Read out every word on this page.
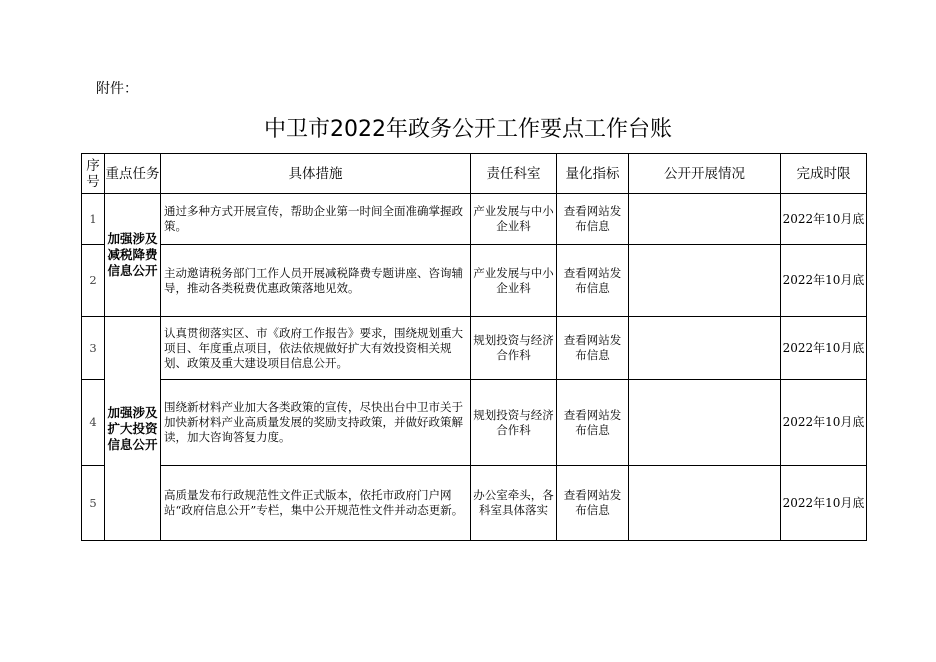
附件：
中卫市2022年政务公开工作要点工作台账
序号	重点任务	具体措施	责任科室	量化指标	公开开展情况	完成时限
1	加强涉及减税降费信息公开	通过多种方式开展宣传，帮助企业第一时间全面准确掌握政策。	产业发展与中小企业科	查看网站发布信息		2022年10月底
2		主动邀请税务部门工作人员开展减税降费专题讲座、咨询辅导，推动各类税费优惠政策落地见效。	产业发展与中小企业科	查看网站发布信息		2022年10月底
3	加强涉及扩大投资信息公开	认真贯彻落实区、市《政府工作报告》要求，围绕规划重大项目、年度重点项目，依法依规做好扩大有效投资相关规划、政策及重大建设项目信息公开。	规划投资与经济合作科	查看网站发布信息		2022年10月底
4		围绕新材料产业加大各类政策的宣传，尽快出台中卫市关于加快新材料产业高质量发展的奖励支持政策，并做好政策解读，加大咨询答复力度。	规划投资与经济合作科	查看网站发布信息		2022年10月底
5		高质量发布行政规范性文件正式版本，依托市政府门户网站“政府信息公开”专栏，集中公开规范性文件并动态更新。	办公室牵头，各科室具体落实	查看网站发布信息		2022年10月底
